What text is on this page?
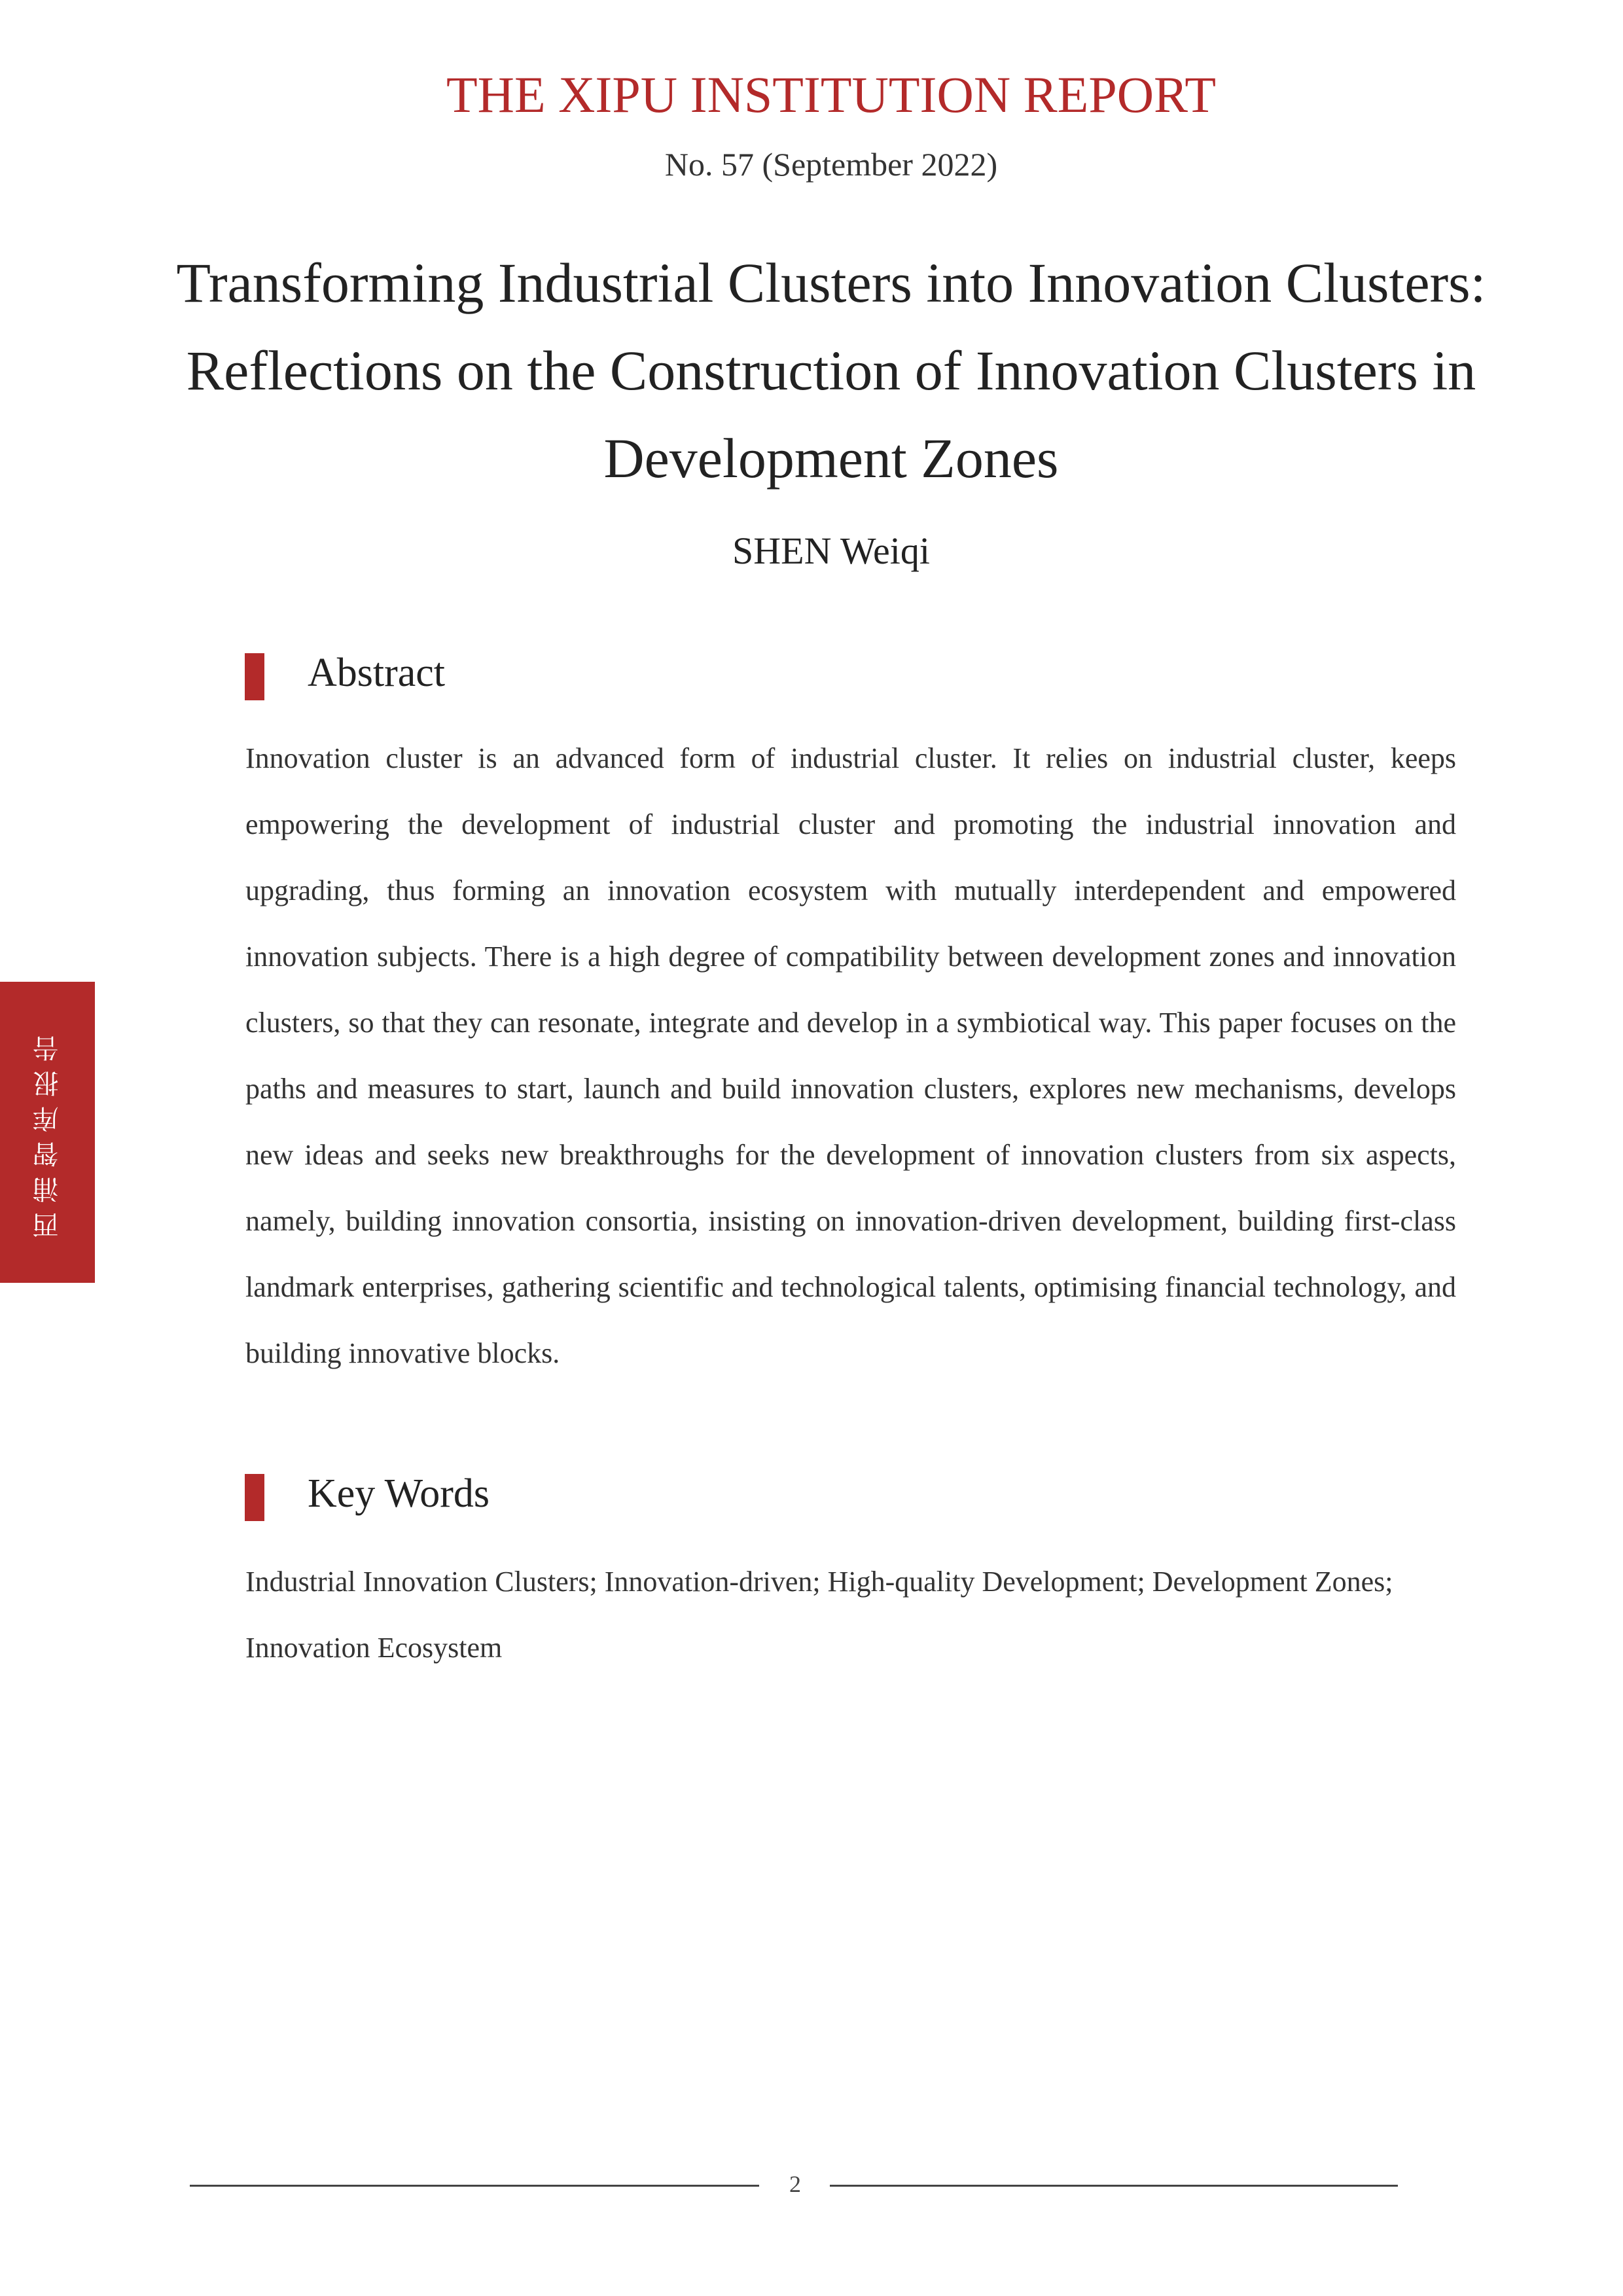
THE XIPU INSTITUTION REPORT
No. 57 (September 2022)
Transforming Industrial Clusters into Innovation Clusters: Reflections on the Construction of Innovation Clusters in Development Zones
SHEN Weiqi
Abstract
Innovation cluster is an advanced form of industrial cluster. It relies on industrial cluster, keeps empowering the development of industrial cluster and promoting the industrial innovation and upgrading, thus forming an innovation ecosystem with mutually interdependent and empowered innovation subjects. There is a high degree of compatibility between development zones and innovation clusters, so that they can resonate, integrate and develop in a symbiotical way. This paper focuses on the paths and measures to start, launch and build innovation clusters, explores new mechanisms, develops new ideas and seeks new breakthroughs for the development of innovation clusters from six aspects, namely, building innovation consortia, insisting on innovation-driven development, building first-class landmark enterprises, gathering scientific and technological talents, optimising financial technology, and building innovative blocks.
Key Words
Industrial Innovation Clusters; Innovation-driven; High-quality Development; Development Zones; Innovation Ecosystem
西浦智库报告
2
